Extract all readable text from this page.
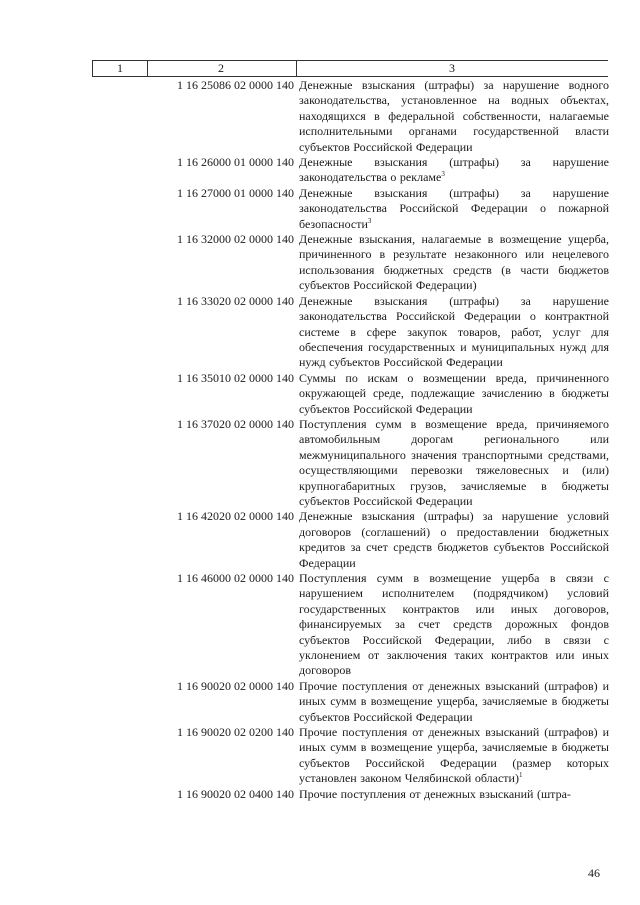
1	2	3
1 16 25086 02 0000 140 Денежные взыскания (штрафы) за нарушение водного законодательства, установленное на водных объектах, находящихся в федеральной собственности, налагаемые исполнительными органами государственной власти субъектов Российской Федерации
1 16 26000 01 0000 140 Денежные взыскания (штрафы) за нарушение законодательства о рекламе$^3$
1 16 27000 01 0000 140 Денежные взыскания (штрафы) за нарушение законодательства Российской Федерации о пожарной безопасности$^3$
1 16 32000 02 0000 140 Денежные взыскания, налагаемые в возмещение ущерба, причиненного в результате незаконного или нецелевого использования бюджетных средств (в части бюджетов субъектов Российской Федерации)
1 16 33020 02 0000 140 Денежные взыскания (штрафы) за нарушение законодательства Российской Федерации о контрактной системе в сфере закупок товаров, работ, услуг для обеспечения государственных и муниципальных нужд для нужд субъектов Российской Федерации
1 16 35010 02 0000 140 Суммы по искам о возмещении вреда, причиненного окружающей среде, подлежащие зачислению в бюджеты субъектов Российской Федерации
1 16 37020 02 0000 140 Поступления сумм в возмещение вреда, причиняемого автомобильным дорогам регионального или межмуниципального значения транспортными средствами, осуществляющими перевозки тяжеловесных и (или) крупногабаритных грузов, зачисляемые в бюджеты субъектов Российской Федерации
1 16 42020 02 0000 140 Денежные взыскания (штрафы) за нарушение условий договоров (соглашений) о предоставлении бюджетных кредитов за счет средств бюджетов субъектов Российской Федерации
1 16 46000 02 0000 140 Поступления сумм в возмещение ущерба в связи с нарушением исполнителем (подрядчиком) условий государственных контрактов или иных договоров, финансируемых за счет средств дорожных фондов субъектов Российской Федерации, либо в связи с уклонением от заключения таких контрактов или иных договоров
1 16 90020 02 0000 140 Прочие поступления от денежных взысканий (штрафов) и иных сумм в возмещение ущерба, зачисляемые в бюджеты субъектов Российской Федерации
1 16 90020 02 0200 140 Прочие поступления от денежных взысканий (штрафов) и иных сумм в возмещение ущерба, зачисляемые в бюджеты субъектов Российской Федерации (размер которых установлен законом Челябинской области)$^1$
1 16 90020 02 0400 140 Прочие поступления от денежных взысканий (штра-
46
